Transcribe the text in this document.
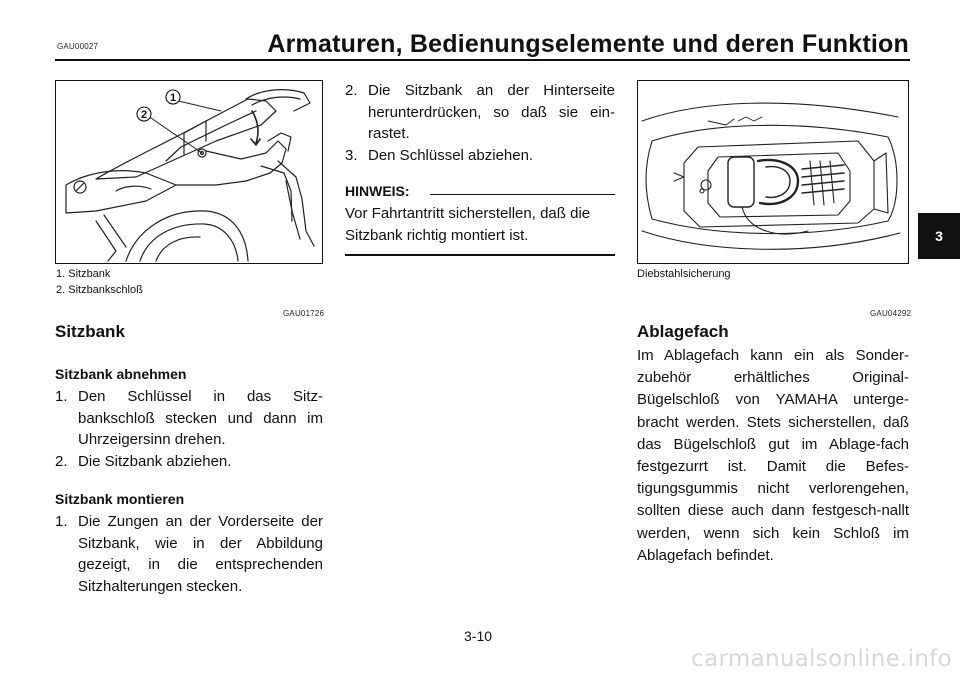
GAU00027	Armaturen, Bedienungselemente und deren Funktion
1
2
1. Sitzbank
2. Sitzbankschloß
GAU01726
Sitzbank
Sitzbank abnehmen
1. Den Schlüssel in das Sitz-bankschloß stecken und dann im Uhrzeigersinn drehen.
2. Die Sitzbank abziehen.
Sitzbank montieren
1. Die Zungen an der Vorderseite der Sitzbank, wie in der Abbildung gezeigt, in die entsprechenden Sitzhalterungen stecken.
2. Die Sitzbank an der Hinterseite herunterdrücken, so daß sie ein-rastet.
3. Den Schlüssel abziehen.
HINWEIS:
Vor Fahrtantritt sicherstellen, daß die Sitzbank richtig montiert ist.
Diebstahlsicherung
GAU04292
Ablagefach
Im Ablagefach kann ein als Sonder-zubehör erhältliches Original-Bügelschloß von YAMAHA unterge-bracht werden. Stets sicherstellen, daß das Bügelschloß gut im Ablage-fach festgezurrt ist. Damit die Befes-tigungsgummis nicht verlorengehen, sollten diese auch dann festgesch-nallt werden, wenn sich kein Schloß im Ablagefach befindet.
3
3-10
carmanualsonline.info
